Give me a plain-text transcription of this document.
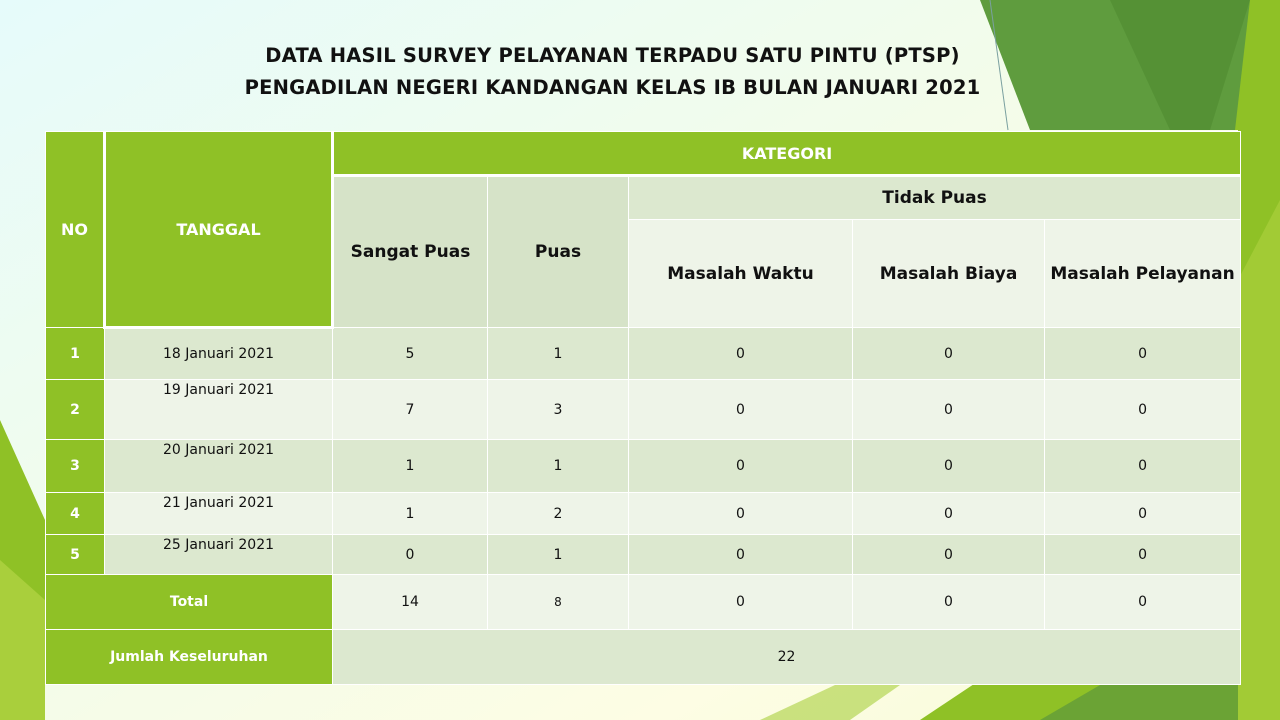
DATA HASIL SURVEY PELAYANAN TERPADU SATU PINTU (PTSP)
PENGADILAN NEGERI KANDANGAN KELAS IB BULAN JANUARI 2021
NO	TANGGAL	KATEGORI				
		Sangat Puas	Puas	Tidak Puas		
				Masalah Waktu	Masalah Biaya	Masalah Pelayanan
1	18 Januari 2021	5	1	0	0	0
2	19 Januari 2021	7	3	0	0	0
3	20 Januari 2021	1	1	0	0	0
4	21 Januari 2021	1	2	0	0	0
5	25 Januari 2021	0	1	0	0	0
Total		14	8	0	0	0
Jumlah Keseluruhan		22				
